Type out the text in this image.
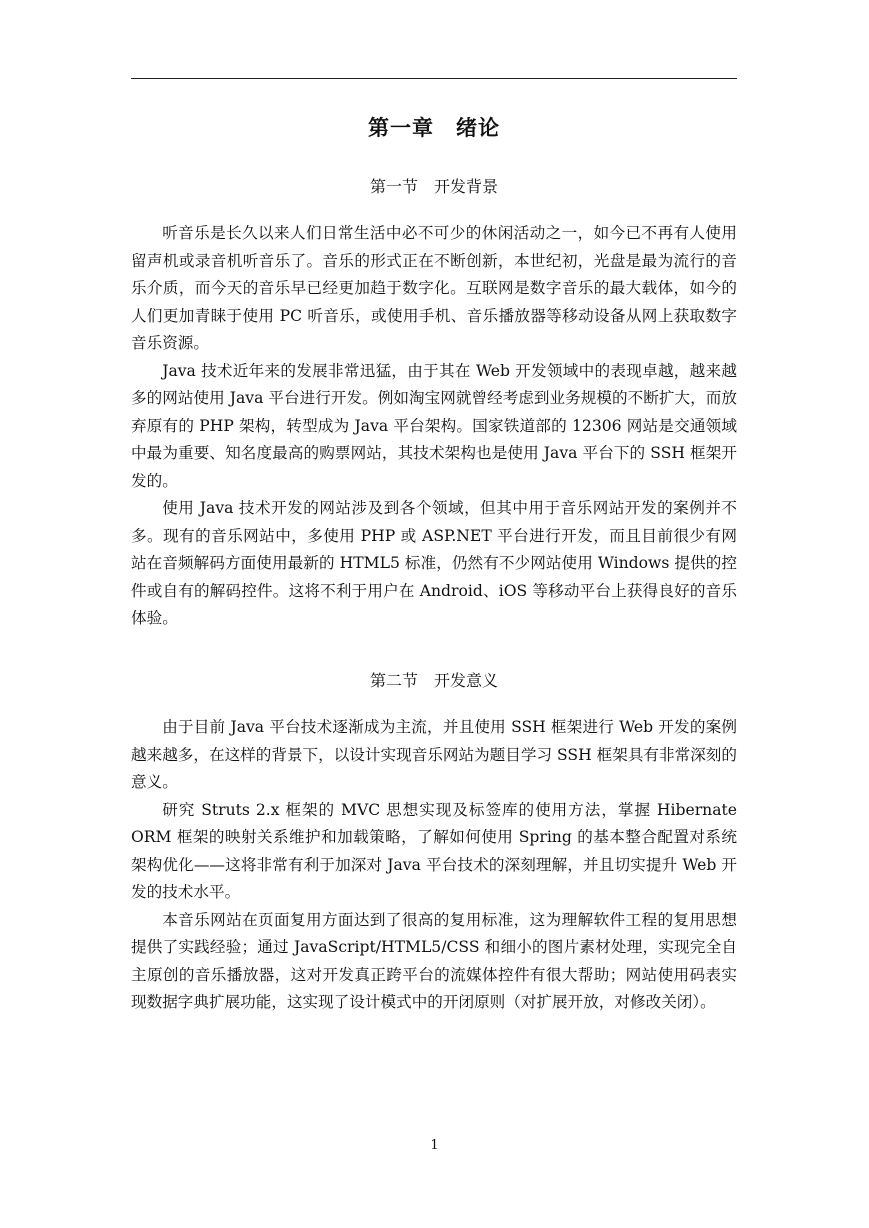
第一章　绪论
第一节　开发背景

听音乐是长久以来人们日常生活中必不可少的休闲活动之一，如今已不再有人使用留声机或录音机听音乐了。音乐的形式正在不断创新，本世纪初，光盘是最为流行的音乐介质，而今天的音乐早已经更加趋于数字化。互联网是数字音乐的最大载体，如今的人们更加青睐于使用 PC 听音乐，或使用手机、音乐播放器等移动设备从网上获取数字音乐资源。

Java 技术近年来的发展非常迅猛，由于其在 Web 开发领域中的表现卓越，越来越多的网站使用 Java 平台进行开发。例如淘宝网就曾经考虑到业务规模的不断扩大，而放弃原有的 PHP 架构，转型成为 Java 平台架构。国家铁道部的 12306 网站是交通领域中最为重要、知名度最高的购票网站，其技术架构也是使用 Java 平台下的 SSH 框架开发的。

使用 Java 技术开发的网站涉及到各个领域，但其中用于音乐网站开发的案例并不多。现有的音乐网站中，多使用 PHP 或 ASP.NET 平台进行开发，而且目前很少有网站在音频解码方面使用最新的 HTML5 标准，仍然有不少网站使用 Windows 提供的控件或自有的解码控件。这将不利于用户在 Android、iOS 等移动平台上获得良好的音乐体验。

第二节　开发意义

由于目前 Java 平台技术逐渐成为主流，并且使用 SSH 框架进行 Web 开发的案例越来越多，在这样的背景下，以设计实现音乐网站为题目学习 SSH 框架具有非常深刻的意义。

研究 Struts 2.x 框架的 MVC 思想实现及标签库的使用方法，掌握 Hibernate ORM 框架的映射关系维护和加载策略，了解如何使用 Spring 的基本整合配置对系统架构优化——这将非常有利于加深对 Java 平台技术的深刻理解，并且切实提升 Web 开发的技术水平。

本音乐网站在页面复用方面达到了很高的复用标准，这为理解软件工程的复用思想提供了实践经验；通过 JavaScript/HTML5/CSS 和细小的图片素材处理，实现完全自主原创的音乐播放器，这对开发真正跨平台的流媒体控件有很大帮助；网站使用码表实现数据字典扩展功能，这实现了设计模式中的开闭原则（对扩展开放，对修改关闭）。

1
